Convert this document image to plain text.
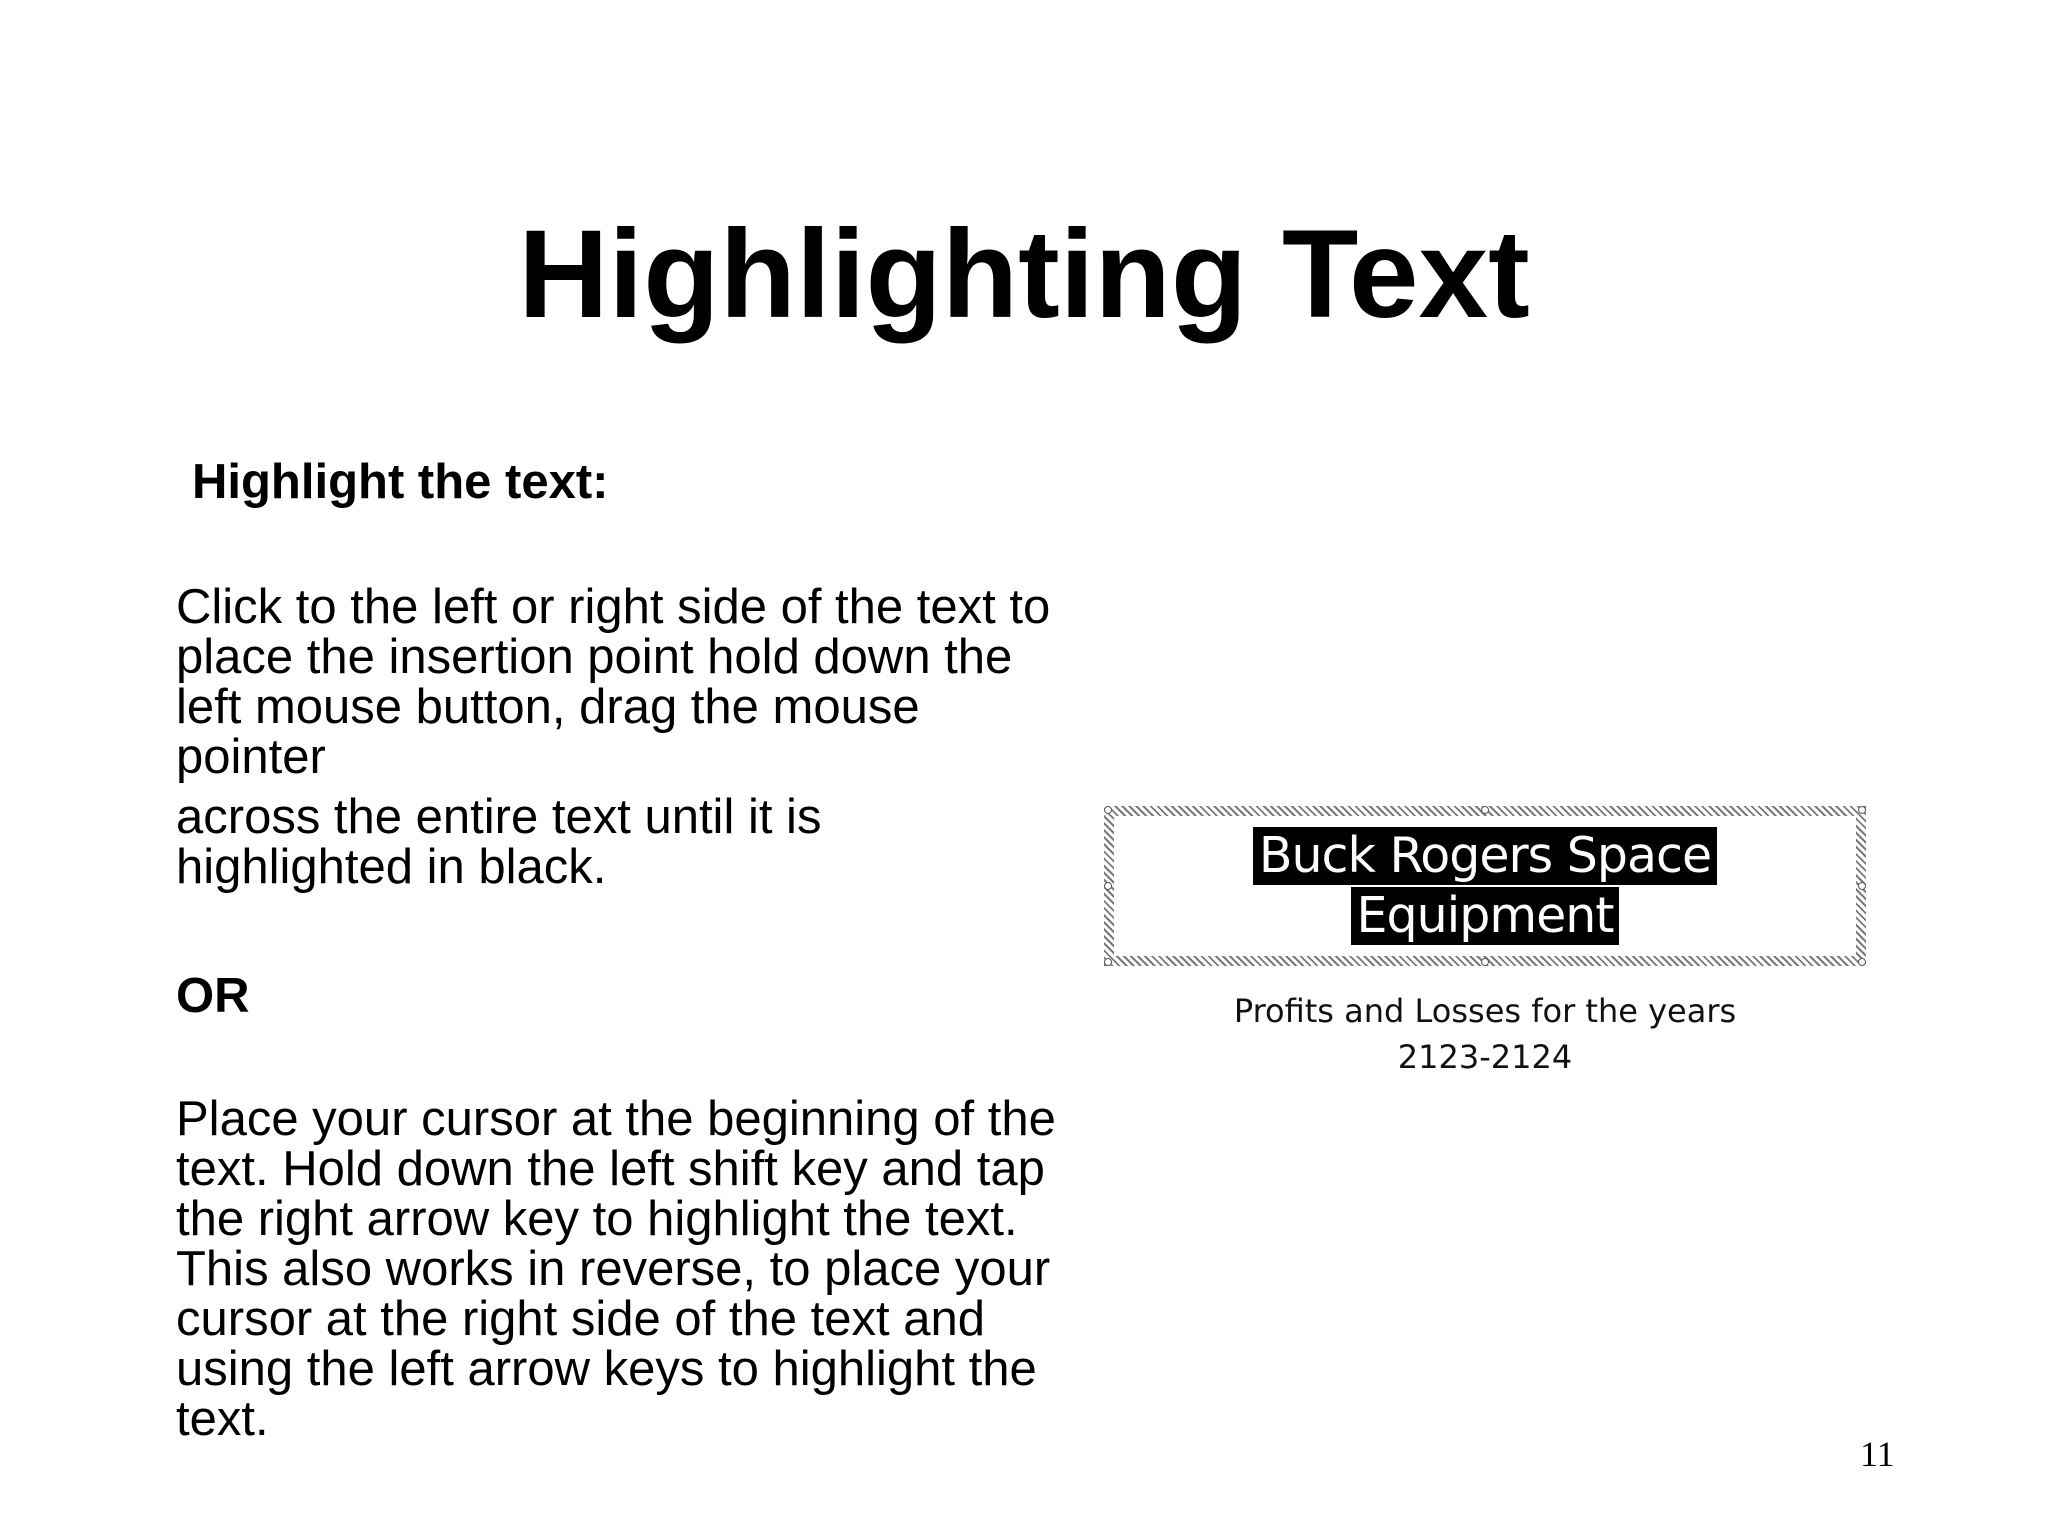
Highlighting Text

Highlight the text:

Click to the left or right side of the text to place the insertion point hold down the left mouse button, drag the mouse pointer

across the entire text until it is highlighted in black.

OR

Place your cursor at the beginning of the text. Hold down the left shift key and tap the right arrow key to highlight the text. This also works in reverse, to place your cursor at the right side of the text and using the left arrow keys to highlight the text.

Buck Rogers Space
Equipment
Profits and Losses for the years
2123-2124
11
